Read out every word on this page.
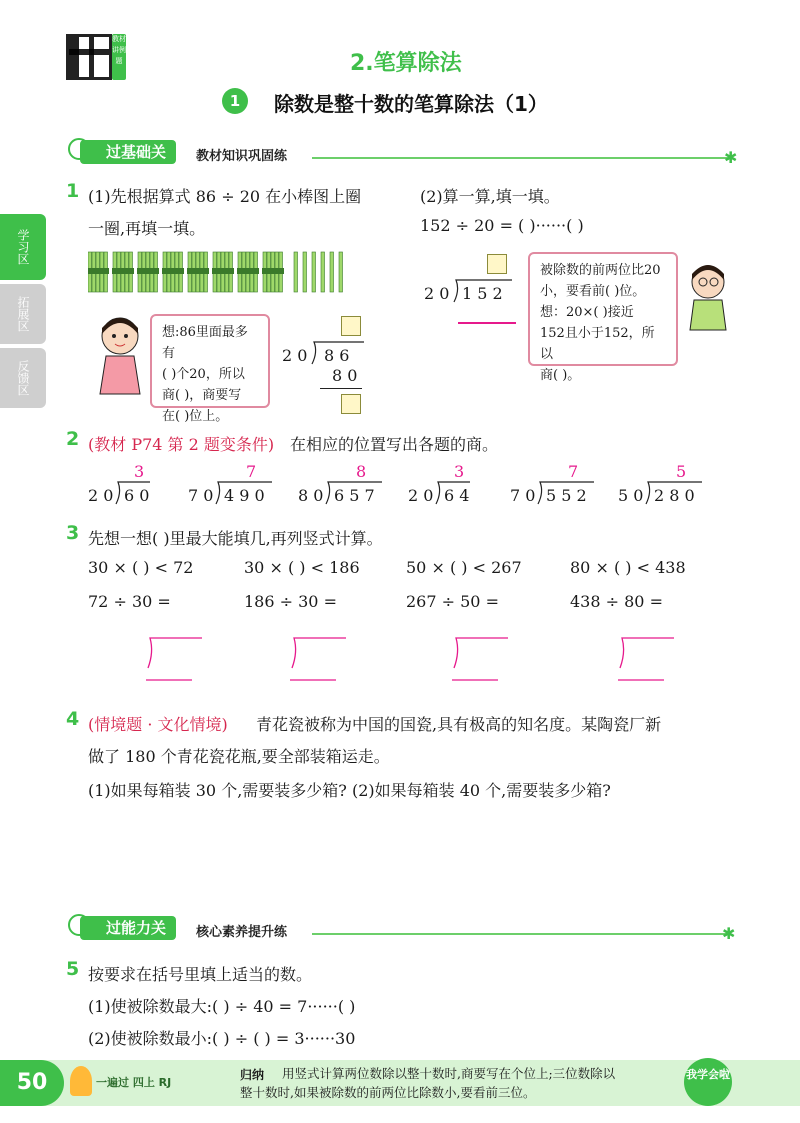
教材讲例题	2.笔算除法
1	除数是整十数的笔算除法（1）
学习区
拓展区
反馈区
过基础关	教材知识巩固练	✱
1 (1)先根据算式 86 ÷ 20 在小棒图上圈
一圈,再填一填。
(2)算一算,填一填。
152 ÷ 20 = ( )······( )
想:86里面最多有
( )个20，所以
商( )，商要写
在( )位上。
2 0 8 6
8 0
2 0 1 5 2
被除数的前两位比20
小，要看前( )位。
想：20×( )接近
152且小于152，所以
商( )。
2 (教材 P74 第 2 题变条件) 在相应的位置写出各题的商。
2 0 6 0
3
7 0 4 9 0
7
8 0 6 5 7
8
2 0 6 4
3
7 0 5 5 2
7
5 0 2 8 0
5
3 先想一想( )里最大能填几,再列竖式计算。
30 × ( ) < 72	30 × ( ) < 186	50 × ( ) < 267	80 × ( ) < 438
72 ÷ 30 =	186 ÷ 30 =	267 ÷ 50 =	438 ÷ 80 =
4 (情境题 · 文化情境) 青花瓷被称为中国的国瓷,具有极高的知名度。某陶瓷厂新
做了 180 个青花瓷花瓶,要全部装箱运走。
(1)如果每箱装 30 个,需要装多少箱? (2)如果每箱装 40 个,需要装多少箱?
过能力关	核心素养提升练	✱
5 按要求在括号里填上适当的数。
(1)使被除数最大:( ) ÷ 40 = 7······( )
(2)使被除数最小:( ) ÷ ( ) = 3······30
50	一遍过 四上 RJ
归纳 用竖式计算两位数除以整十数时,商要写在个位上;三位数除以
整十数时,如果被除数的前两位比除数小,要看前三位。
我学会啦
